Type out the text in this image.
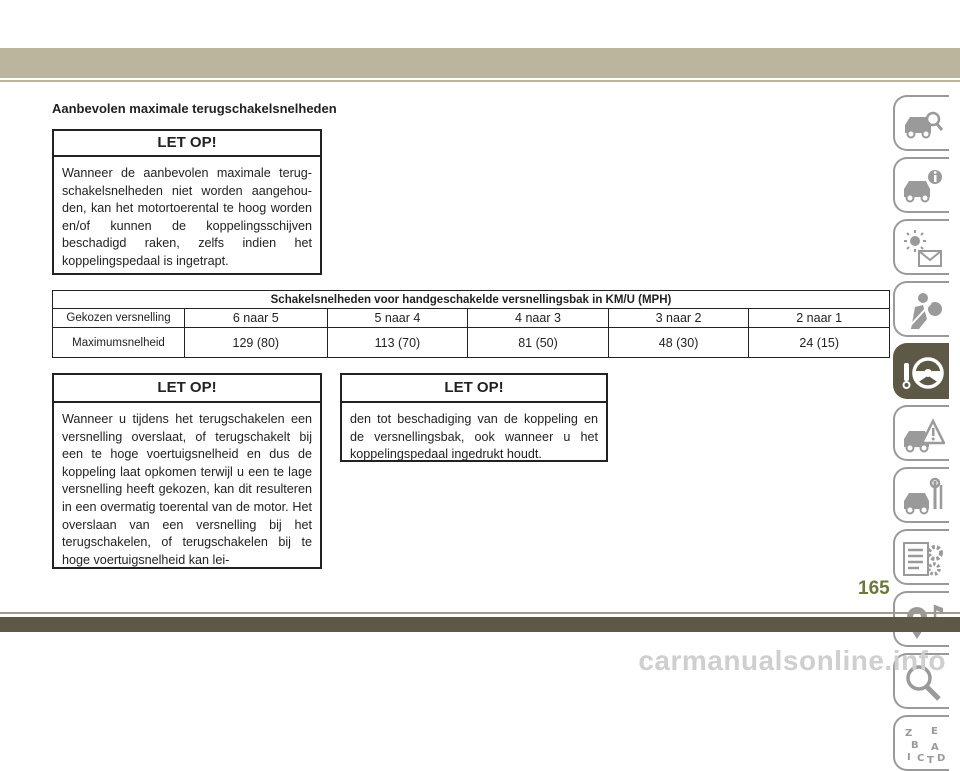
Aanbevolen maximale terugschakelsnelheden
LET OP!
Wanneer de aanbevolen maximale terugschakelsnelheden niet worden aangehouden, kan het motortoerental te hoog worden en/of kunnen de koppelingsschijven beschadigd raken, zelfs indien het koppelingspedaal is ingetrapt.
Schakelsnelheden voor handgeschakelde versnellingsbak in KM/U (MPH)					
Gekozen versnelling	6 naar 5	5 naar 4	4 naar 3	3 naar 2	2 naar 1
Maximumsnelheid	129 (80)	113 (70)	81 (50)	48 (30)	24 (15)
LET OP!
Wanneer u tijdens het terugschakelen een versnelling overslaat, of terugschakelt bij een te hoge voertuigsnelheid en dus de koppeling laat opkomen terwijl u een te lage versnelling heeft gekozen, kan dit resulteren in een overmatig toerental van de motor. Het overslaan van een versnelling bij het terugschakelen, of terugschakelen bij te hoge voertuigsnelheid kan lei-
LET OP!
den tot beschadiging van de koppeling en de versnellingsbak, ook wanneer u het koppelingspedaal ingedrukt houdt.
Z E
B A
I C T D
165
carmanualsonline.info
